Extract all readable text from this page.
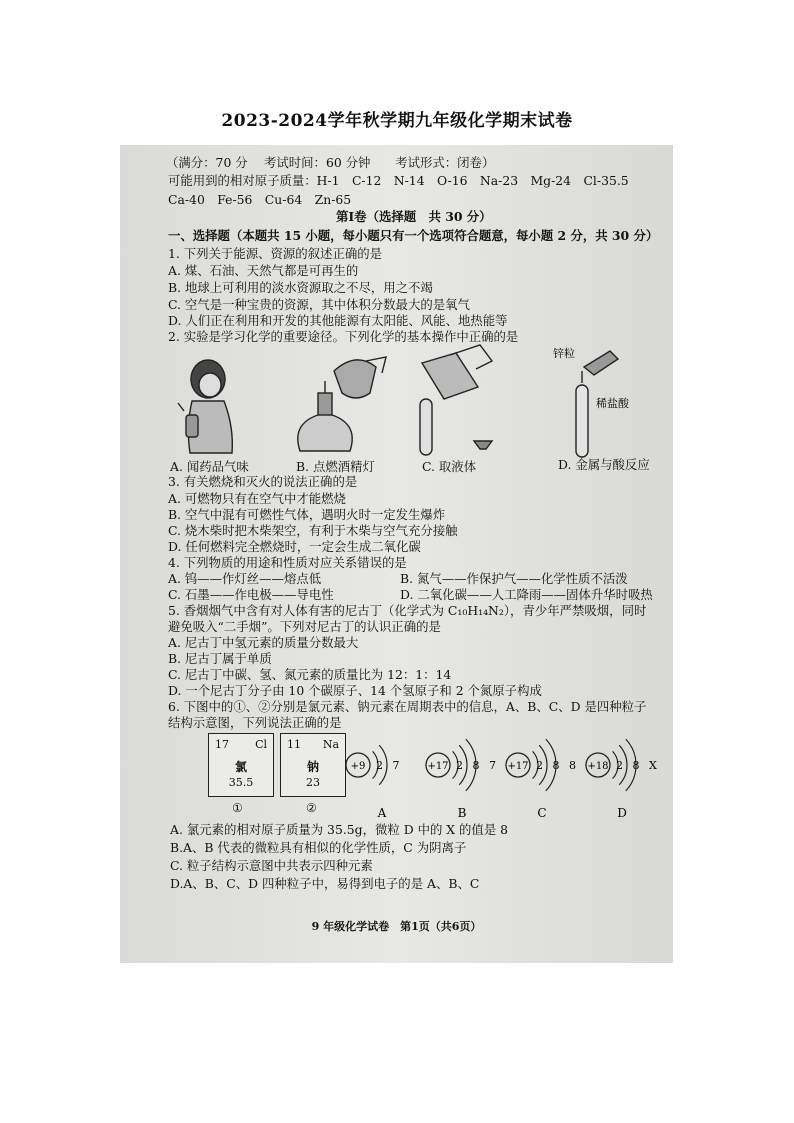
2023-2024学年秋学期九年级化学期末试卷
（满分：70 分　 考试时间：60 分钟　　考试形式：闭卷）
可能用到的相对原子质量：H-1　C-12　N-14　O-16　Na-23　Mg-24　Cl-35.5
Ca-40　Fe-56　Cu-64　Zn-65
第Ⅰ卷（选择题　共 30 分）
一、选择题（本题共 15 小题，每小题只有一个选项符合题意，每小题 2 分，共 30 分）
1. 下列关于能源、资源的叙述正确的是
A. 煤、石油、天然气都是可再生的
B. 地球上可利用的淡水资源取之不尽，用之不竭
C. 空气是一种宝贵的资源，其中体积分数最大的是氧气
D. 人们正在利用和开发的其他能源有太阳能、风能、地热能等
2. 实验是学习化学的重要途径。下列化学的基本操作中正确的是
锌粒
稀盐酸
A. 闻药品气味	B. 点燃酒精灯	C. 取液体	D. 金属与酸反应
3. 有关燃烧和灭火的说法正确的是
A. 可燃物只有在空气中才能燃烧
B. 空气中混有可燃性气体，遇明火时一定发生爆炸
C. 烧木柴时把木柴架空，有利于木柴与空气充分接触
D. 任何燃料完全燃烧时，一定会生成二氧化碳
4. 下列物质的用途和性质对应关系错误的是
A. 钨——作灯丝——熔点低	B. 氮气——作保护气——化学性质不活泼
C. 石墨——作电极——导电性	D. 二氧化碳——人工降雨——固体升华时吸热
5. 香烟烟气中含有对人体有害的尼古丁（化学式为 C₁₀H₁₄N₂），青少年严禁吸烟，同时
避免吸入“二手烟”。下列对尼古丁的认识正确的是
A. 尼古丁中氢元素的质量分数最大
B. 尼古丁属于单质
C. 尼古丁中碳、氢、氮元素的质量比为 12：1：14
D. 一个尼古丁分子由 10 个碳原子、14 个氢原子和 2 个氮原子构成
6. 下图中的①、②分别是氯元素、钠元素在周期表中的信息，A、B、C、D 是四种粒子
结构示意图，下列说法正确的是
17 Cl
氯
35.5
①
11 Na
钠
23
②
+9 2 7
A
+17 2 8 7
B
+17 2 8 8
C
+18 2 8 X
D
A. 氯元素的相对原子质量为 35.5g，微粒 D 中的 X 的值是 8
B.A、B 代表的微粒具有相似的化学性质，C 为阴离子
C. 粒子结构示意图中共表示四种元素
D.A、B、C、D 四种粒子中，易得到电子的是 A、B、C
9 年级化学试卷　第1页（共6页）
